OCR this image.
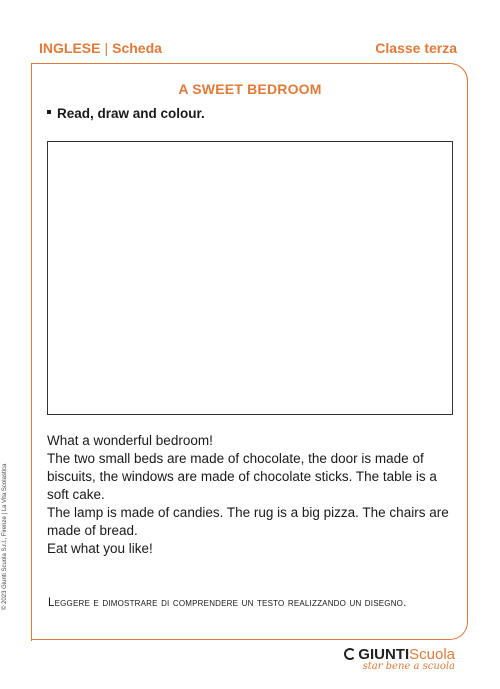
INGLESE | Scheda	Classe terza
A SWEET BEDROOM
Read, draw and colour.

What a wonderful bedroom!

The two small beds are made of chocolate, the door is made of biscuits, the windows are made of chocolate sticks. The table is a soft cake.

The lamp is made of candies. The rug is a big pizza. The chairs are made of bread.

Eat what you like!

Leggere e dimostrare di comprendere un testo realizzando un disegno.
© 2023 Giunti Scuola S.r.l., Firenze | La Vita Scolastica
GIUNTIScuola
star bene a scuola
